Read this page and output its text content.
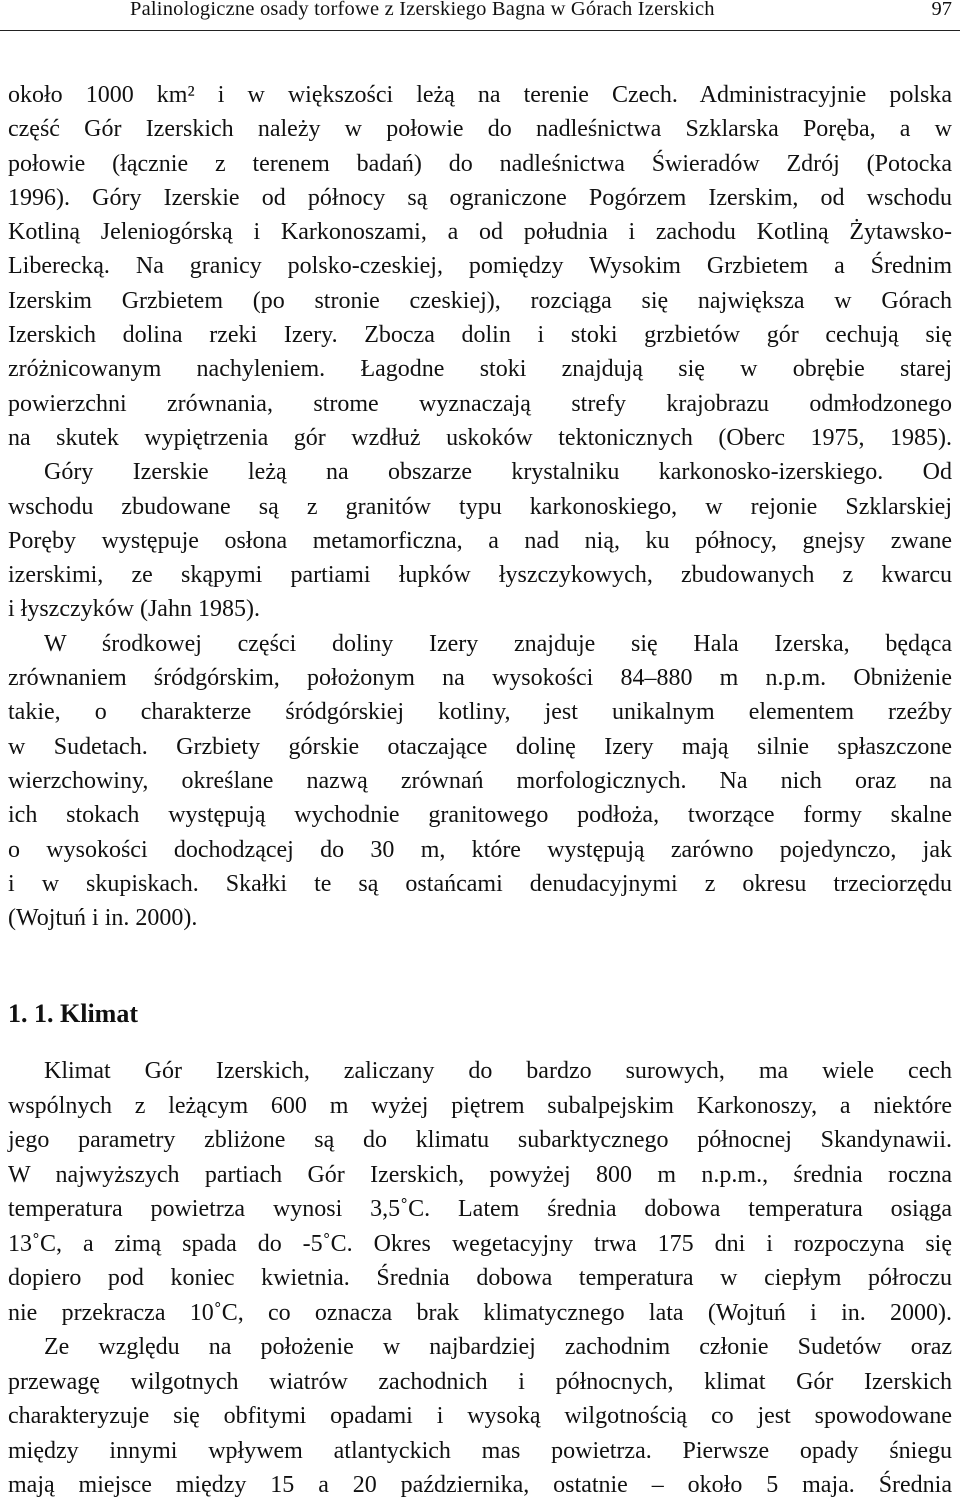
Palinologiczne osady torfowe z Izerskiego Bagna w Górach Izerskich	97
około 1000 km² i w większości leżą na terenie Czech. Administracyjnie polska
część Gór Izerskich należy w połowie do nadleśnictwa Szklarska Poręba, a w
połowie (łącznie z terenem badań) do nadleśnictwa Świeradów Zdrój (Potocka
1996). Góry Izerskie od północy są ograniczone Pogórzem Izerskim, od wschodu
Kotliną Jeleniogórską i Karkonoszami, a od południa i zachodu Kotliną Żytawsko-
Liberecką. Na granicy polsko-czeskiej, pomiędzy Wysokim Grzbietem a Średnim
Izerskim Grzbietem (po stronie czeskiej), rozciąga się największa w Górach
Izerskich dolina rzeki Izery. Zbocza dolin i stoki grzbietów gór cechują się
zróżnicowanym nachyleniem. Łagodne stoki znajdują się w obrębie starej
powierzchni zrównania, strome wyznaczają strefy krajobrazu odmłodzonego
na skutek wypiętrzenia gór wzdłuż uskoków tektonicznych (Oberc 1975, 1985).
Góry Izerskie leżą na obszarze krystalniku karkonosko-izerskiego. Od
wschodu zbudowane są z granitów typu karkonoskiego, w rejonie Szklarskiej
Poręby występuje osłona metamorficzna, a nad nią, ku północy, gnejsy zwane
izerskimi, ze skąpymi partiami łupków łyszczykowych, zbudowanych z kwarcu
i łyszczyków (Jahn 1985).
W środkowej części doliny Izery znajduje się Hala Izerska, będąca
zrównaniem śródgórskim, położonym na wysokości 84–880 m n.p.m. Obniżenie
takie, o charakterze śródgórskiej kotliny, jest unikalnym elementem rzeźby
w Sudetach. Grzbiety górskie otaczające dolinę Izery mają silnie spłaszczone
wierzchowiny, określane nazwą zrównań morfologicznych. Na nich oraz na
ich stokach występują wychodnie granitowego podłoża, tworzące formy skalne
o wysokości dochodzącej do 30 m, które występują zarówno pojedynczo, jak
i w skupiskach. Skałki te są ostańcami denudacyjnymi z okresu trzeciorzędu
(Wojtuń i in. 2000).
1. 1. Klimat
Klimat Gór Izerskich, zaliczany do bardzo surowych, ma wiele cech
wspólnych z leżącym 600 m wyżej piętrem subalpejskim Karkonoszy, a niektóre
jego parametry zbliżone są do klimatu subarktycznego północnej Skandynawii.
W najwyższych partiach Gór Izerskich, powyżej 800 m n.p.m., średnia roczna
temperatura powietrza wynosi 3,5˚C. Latem średnia dobowa temperatura osiąga
13˚C, a zimą spada do -5˚C. Okres wegetacyjny trwa 175 dni i rozpoczyna się
dopiero pod koniec kwietnia. Średnia dobowa temperatura w ciepłym półroczu
nie przekracza 10˚C, co oznacza brak klimatycznego lata (Wojtuń i in. 2000).
Ze względu na położenie w najbardziej zachodnim członie Sudetów oraz
przewagę wilgotnych wiatrów zachodnich i północnych, klimat Gór Izerskich
charakteryzuje się obfitymi opadami i wysoką wilgotnością co jest spowodowane
między innymi wpływem atlantyckich mas powietrza. Pierwsze opady śniegu
mają miejsce między 15 a 20 października, ostatnie – około 5 maja. Średnia
